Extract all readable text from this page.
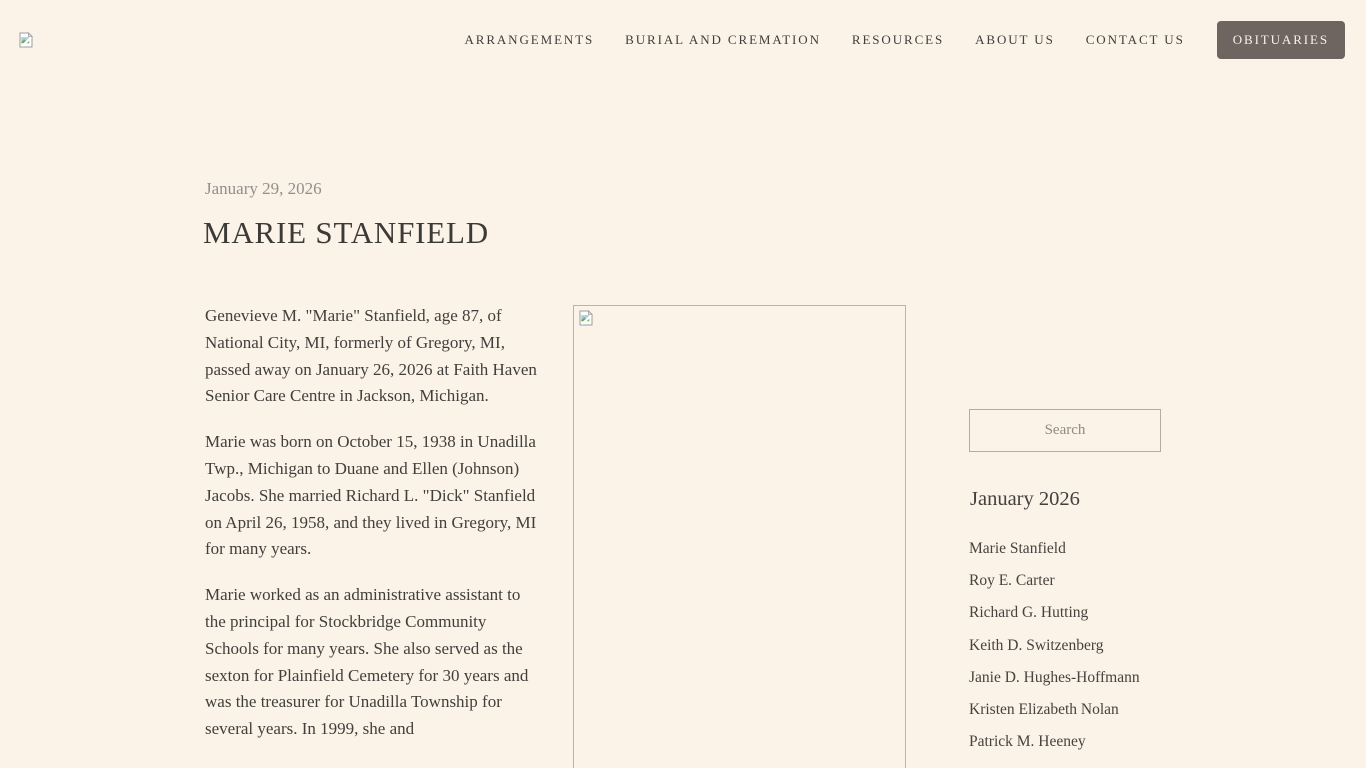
ARRANGEMENTS BURIAL AND CREMATION RESOURCES ABOUT US CONTACT US	OBITUARIES
January 29, 2026
MARIE STANFIELD

Genevieve M. "Marie" Stanfield, age 87, of National City, MI, formerly of Gregory, MI, passed away on January 26, 2026 at Faith Haven Senior Care Centre in Jackson, Michigan.

Marie was born on October 15, 1938 in Unadilla Twp., Michigan to Duane and Ellen (Johnson) Jacobs. She married Richard L. "Dick" Stanfield on April 26, 1958, and they lived in Gregory, MI for many years.

Marie worked as an administrative assistant to the principal for Stockbridge Community Schools for many years. She also served as the sexton for Plainfield Cemetery for 30 years and was the treasurer for Unadilla Township for several years. In 1999, she and

Search
January 2026
Marie Stanfield
Roy E. Carter
Richard G. Hutting
Keith D. Switzenberg
Janie D. Hughes-Hoffmann
Kristen Elizabeth Nolan
Patrick M. Heeney
